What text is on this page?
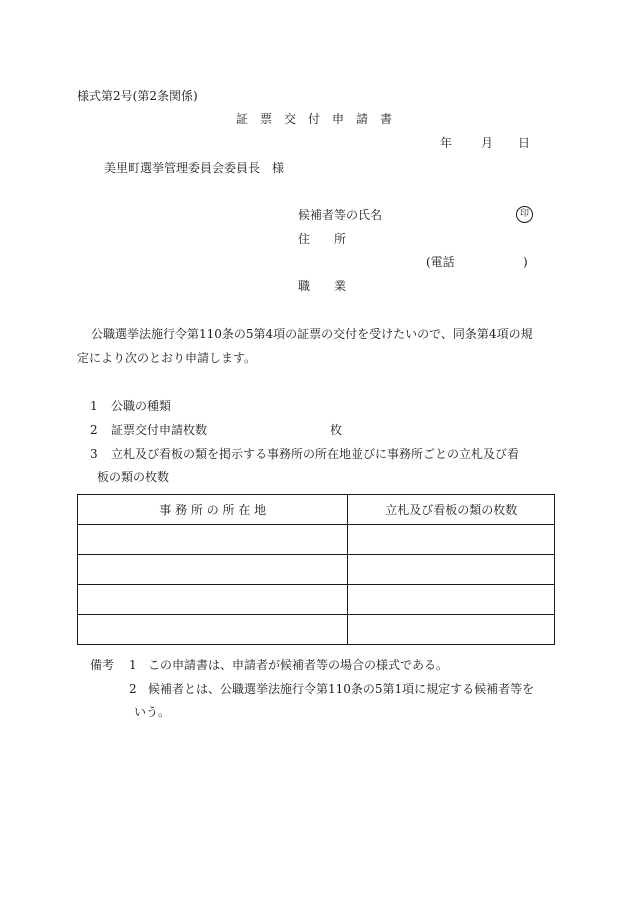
様式第2号(第2条関係)
証　票　交　付　申　請　書
年 月 日
美里町選挙管理委員会委員長　様
候補者等の氏名	印
住　　所
(電話	)
職　　業
公職選挙法施行令第110条の5第4項の証票の交付を受けたいので、同条第4項の規
定により次のとおり申請します。
1 公職の種類
2 証票交付申請枚数	枚
3 立札及び看板の類を掲示する事務所の所在地並びに事務所ごとの立札及び看
板の類の枚数
事 務 所 の 所 在 地	立札及び看板の類の枚数

備考 1 この申請書は、申請者が候補者等の場合の様式である。
2 候補者とは、公職選挙法施行令第110条の5第1項に規定する候補者等を
いう。
